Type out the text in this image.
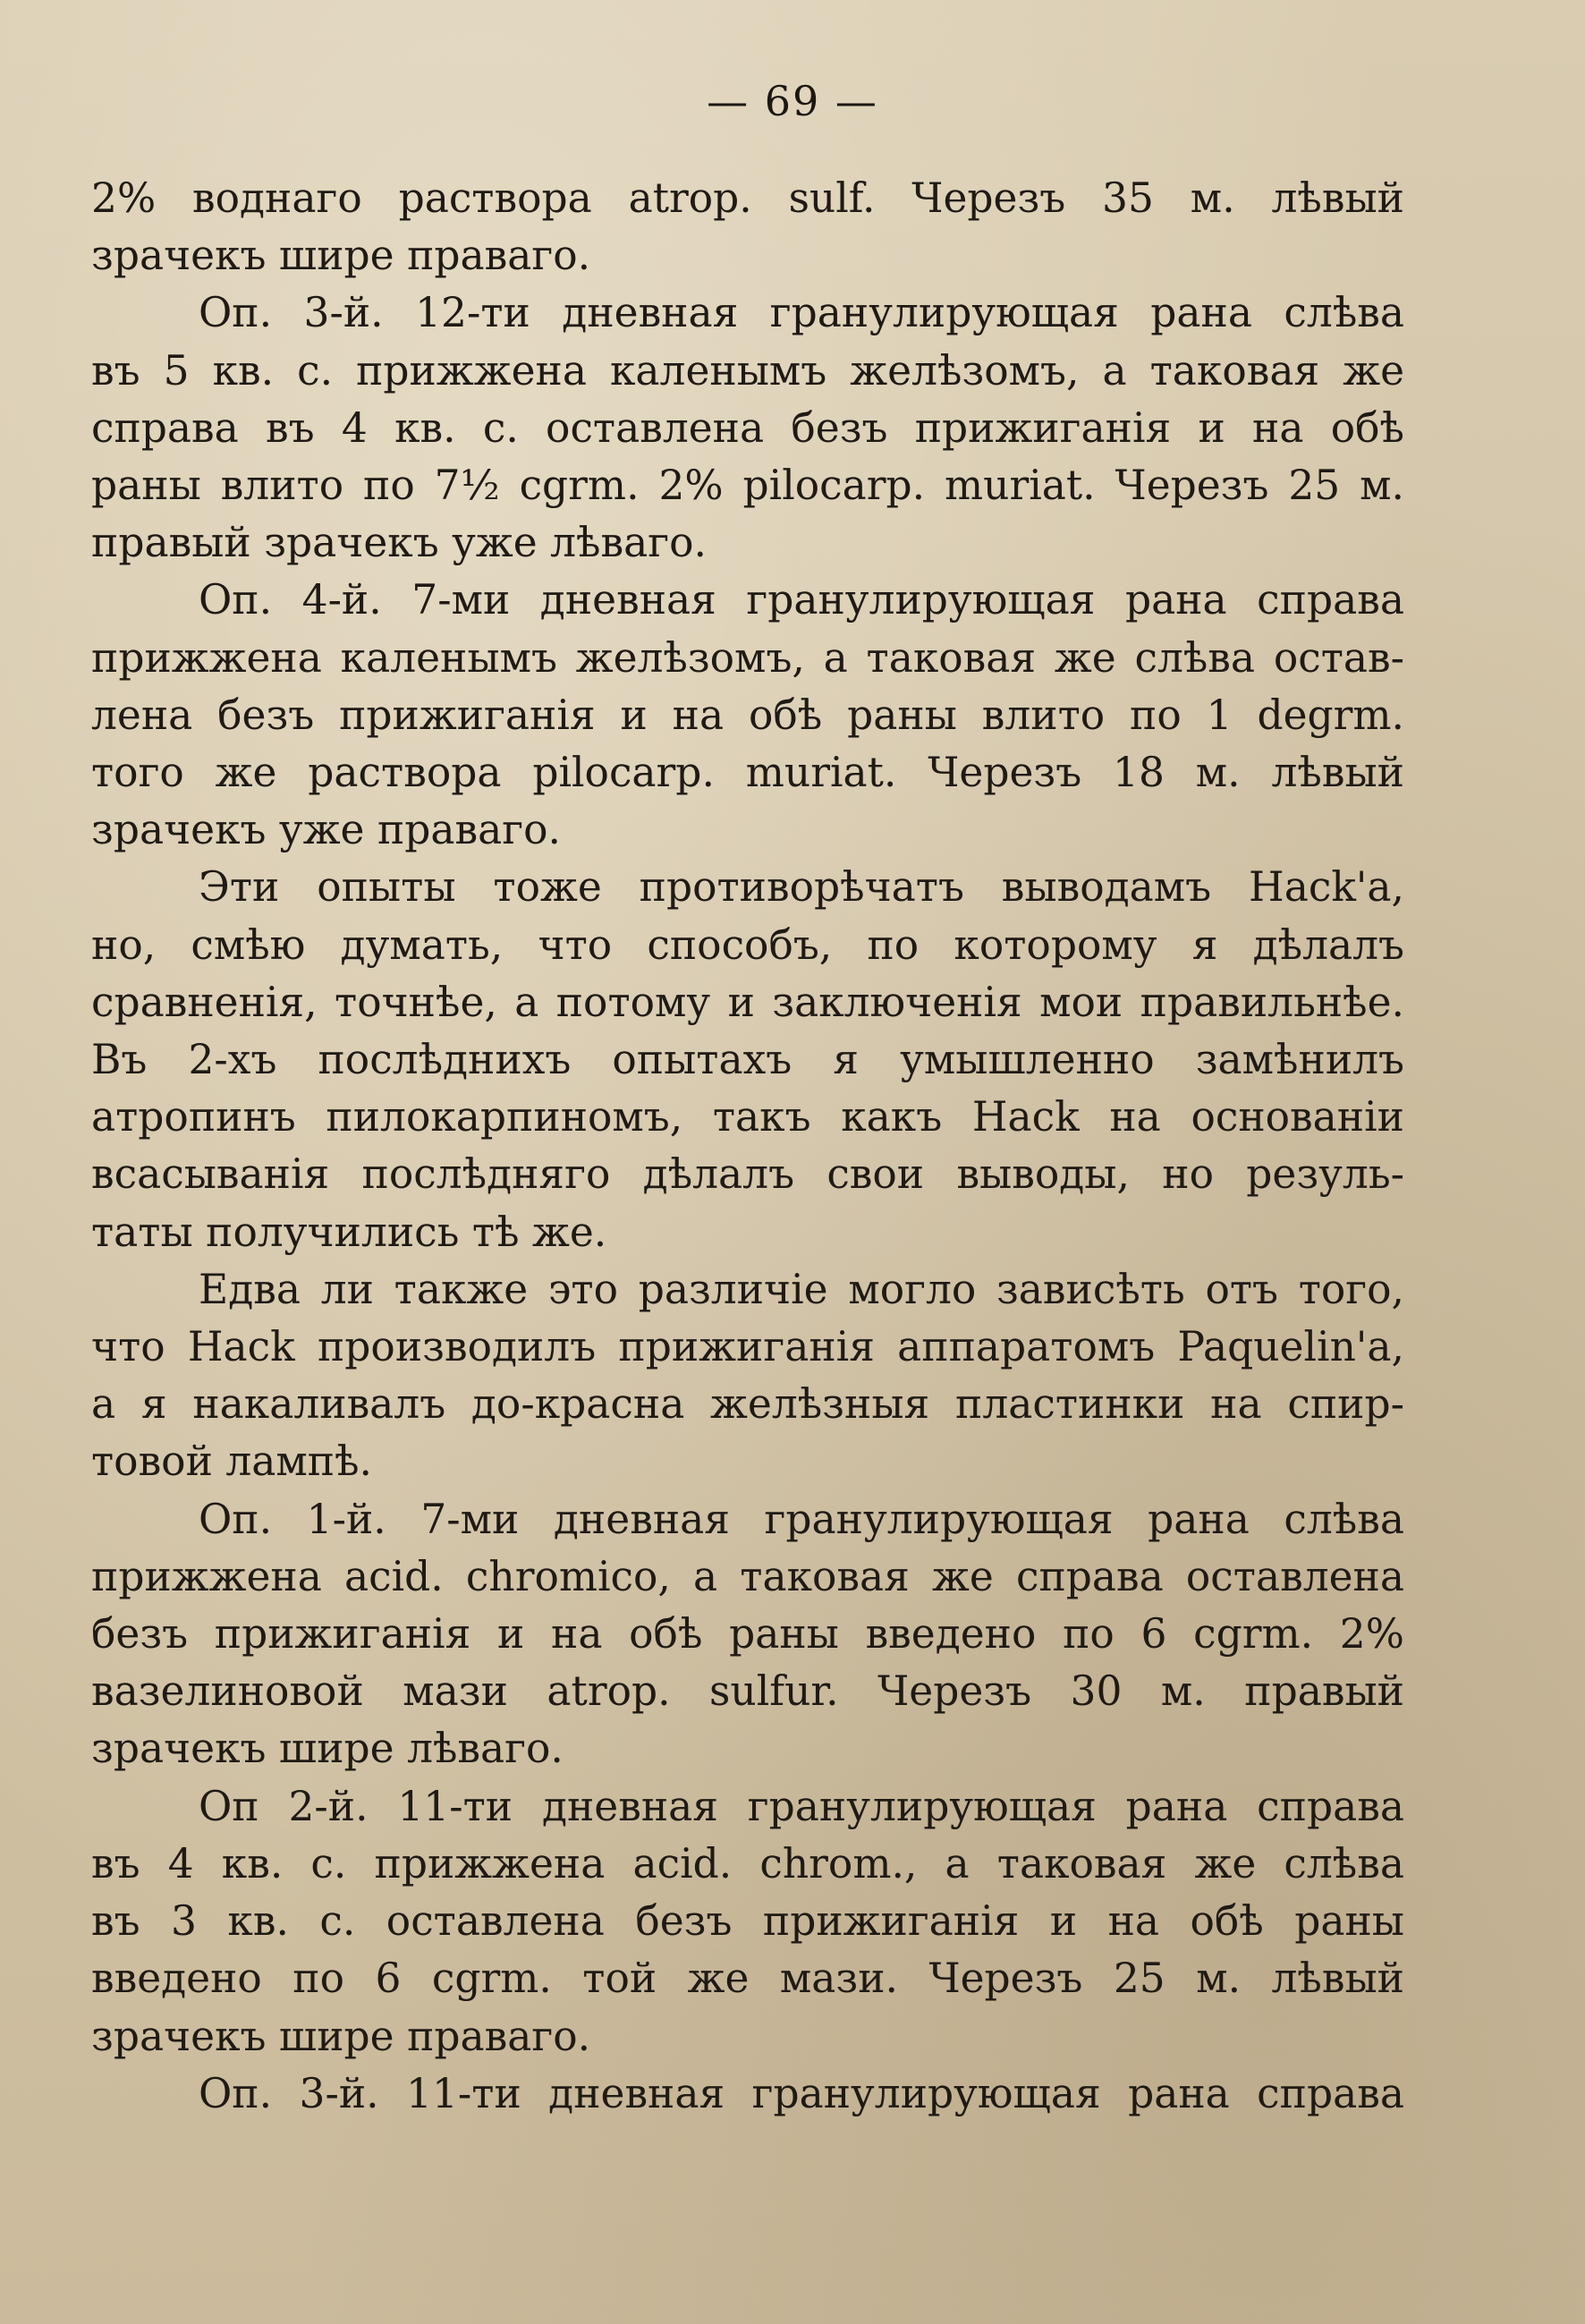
— 69 —
2% воднаго раствора atrop. sulf. Черезъ 35 м. лѣвый
зрачекъ шире праваго.
Оп. 3-й. 12-ти дневная гранулирующая рана слѣва
въ 5 кв. с. прижжена каленымъ желѣзомъ, а таковая же
справа въ 4 кв. с. оставлена безъ прижиганія и на обѣ
раны влито по 7½ cgrm. 2% pilocarp. muriat. Черезъ 25 м.
правый зрачекъ уже лѣваго.
Оп. 4-й. 7-ми дневная гранулирующая рана справа
прижжена каленымъ желѣзомъ, а таковая же слѣва остав-
лена безъ прижиганія и на обѣ раны влито по 1 degrm.
того же раствора pilocarp. muriat. Черезъ 18 м. лѣвый
зрачекъ уже праваго.
Эти опыты тоже противорѣчатъ выводамъ Hack'a,
но, смѣю думать, что способъ, по которому я дѣлалъ
сравненія, точнѣе, а потому и заключенія мои правильнѣе.
Въ 2-хъ послѣднихъ опытахъ я умышленно замѣнилъ
атропинъ пилокарпиномъ, такъ какъ Hack на основаніи
всасыванія послѣдняго дѣлалъ свои выводы, но резуль-
таты получились тѣ же.
Едва ли также это различіе могло зависѣть отъ того,
что Hack производилъ прижиганія аппаратомъ Paquelin'a,
а я накаливалъ до-красна желѣзныя пластинки на спир-
товой лампѣ.
Оп. 1-й. 7-ми дневная гранулирующая рана слѣва
прижжена acid. chromico, а таковая же справа оставлена
безъ прижиганія и на обѣ раны введено по 6 cgrm. 2%
вазелиновой мази atrop. sulfur. Черезъ 30 м. правый
зрачекъ шире лѣваго.
Оп 2-й. 11-ти дневная гранулирующая рана справа
въ 4 кв. с. прижжена acid. chrom., а таковая же слѣва
въ 3 кв. с. оставлена безъ прижиганія и на обѣ раны
введено по 6 cgrm. той же мази. Черезъ 25 м. лѣвый
зрачекъ шире праваго.
Оп. 3-й. 11-ти дневная гранулирующая рана справа
